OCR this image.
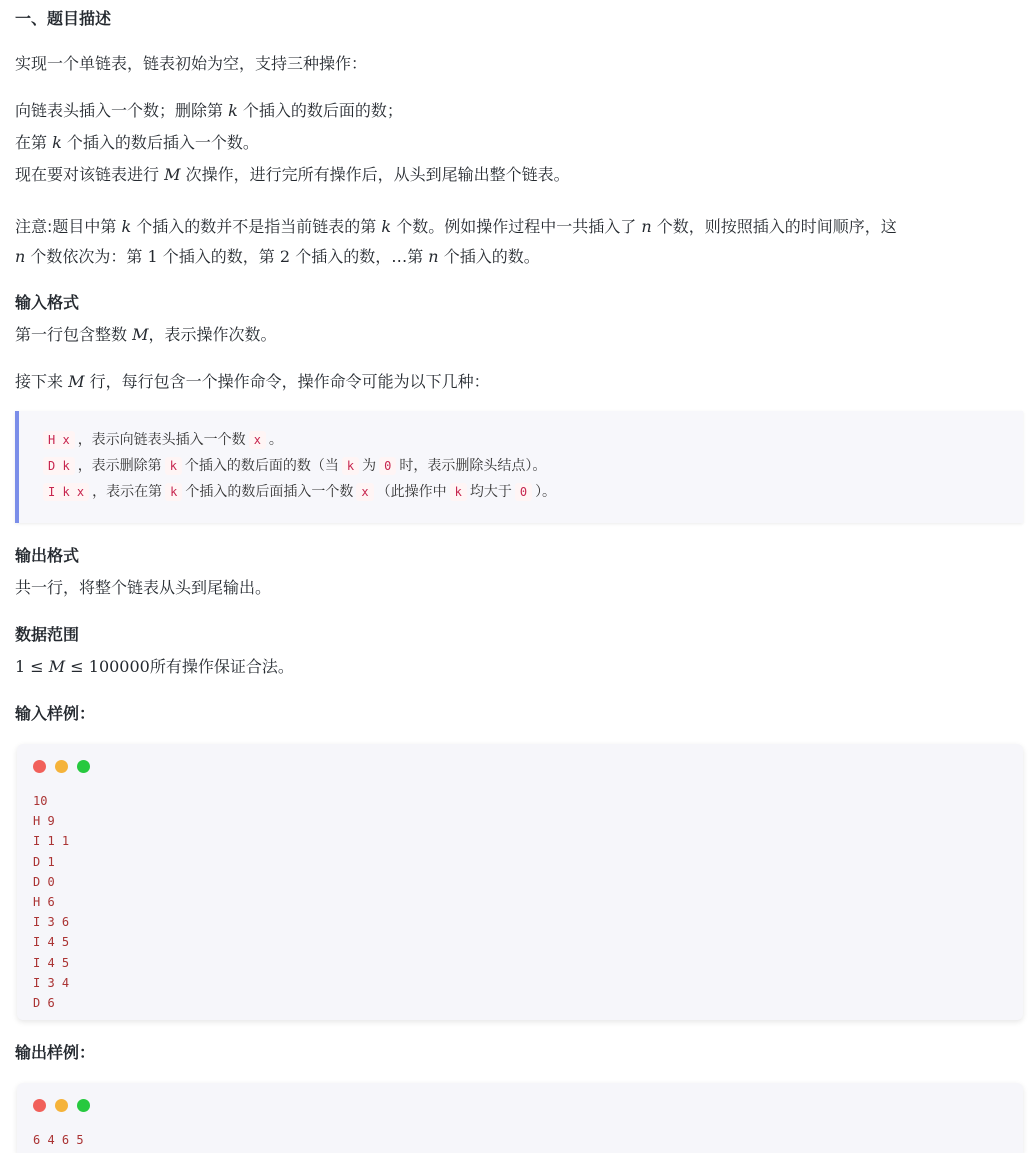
一、题目描述

实现一个单链表，链表初始为空，支持三种操作：

向链表头插入一个数；删除第 k 个插入的数后面的数；

在第 k 个插入的数后插入一个数。

现在要对该链表进行 M 次操作，进行完所有操作后，从头到尾输出整个链表。

注意:题目中第 k 个插入的数并不是指当前链表的第 k 个数。例如操作过程中一共插入了 n 个数，则按照插入的时间顺序，这
n 个数依次为：第 1 个插入的数，第 2 个插入的数，…第 n 个插入的数。

输入格式

第一行包含整数 M，表示操作次数。

接下来 M 行，每行包含一个操作命令，操作命令可能为以下几种：

H x ，表示向链表头插入一个数 x 。
D k ，表示删除第 k 个插入的数后面的数（当 k 为 0 时，表示删除头结点）。
I k x ，表示在第 k 个插入的数后面插入一个数 x （此操作中 k 均大于 0 ）。
输出格式

共一行，将整个链表从头到尾输出。

数据范围

1 ≤ M ≤ 100000所有操作保证合法。

输入样例：
10
H 9
I 1 1
D 1
D 0
H 6
I 3 6
I 4 5
I 4 5
I 3 4
D 6
输出样例：
6 4 6 5
